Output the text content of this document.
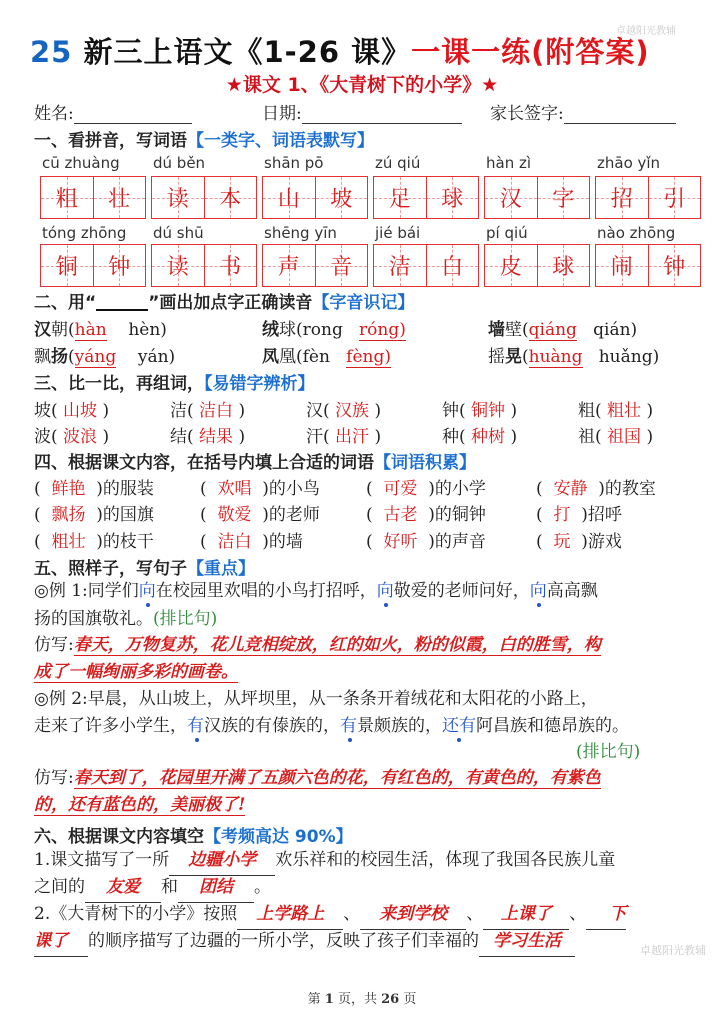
25 新三上语文《1-26 课》一课一练(附答案)
卓越阳光教辅
★课文 1、《大青树下的小学》★
姓名:	日期:	家长签字:
一、看拼音，写词语【一类字、词语表默写】
cū zhuàng
粗 壮
dú běn
读 本
shān pō
山 坡
zú qiú
足 球
hàn zì
汉 字
zhāo yǐn
招 引
tóng zhōng
铜 钟
dú shū
读 书
shēng yīn
声 音
jié bái
洁 白
pí qiú
皮 球
nào zhōng
闹 钟
二、用“	”画出加点字正确读音【字音识记】
汉朝(hàn hèn)	绒球(rong róng)	墙壁(qiáng qián)
飘扬(yáng yán)	凤凰(fèn fèng)	摇晃(huàng huǎng)
三、比一比，再组词，【易错字辨析】
坡( 山坡 )	洁( 洁白 )	汉( 汉族 )	钟( 铜钟 )	粗( 粗壮 )
波( 波浪 )	结( 结果 )	汗( 出汗 )	种( 种树 )	祖( 祖国 )
四、根据课文内容，在括号内填上合适的词语【词语积累】
(  鲜艳 )的服装	(  欢唱 )的小鸟	(  可爱 )的小学	(  安静 )的教室
(  飘扬 )的国旗	(  敬爱 )的老师	(  古老 )的铜钟	(  打 )招呼
(  粗壮 )的枝干	(  洁白 )的墙	(  好听 )的声音	(  玩 )游戏
五、照样子，写句子【重点】
◎例 1:同学们向在校园里欢唱的小鸟打招呼，向敬爱的老师问好，向高高飘
扬的国旗敬礼。(排比句)
仿写:春天，万物复苏，花儿竞相绽放，红的如火，粉的似霞，白的胜雪，构
成了一幅绚丽多彩的画卷。
◎例 2:早晨，从山坡上，从坪坝里，从一条条开着绒花和太阳花的小路上，
走来了许多小学生，有汉族的有傣族的，有景颇族的，还有阿昌族和德昂族的。
(排比句)
仿写:春天到了，花园里开满了五颜六色的花，有红色的，有黄色的，有紫色
的，还有蓝色的，美丽极了!
六、根据课文内容填空【考频高达 90%】
1.课文描写了一所 边疆小学 欢乐祥和的校园生活，体现了我国各民族儿童
之间的 友爱 和 团结 。
2.《大青树下的小学》按照 上学路上 、 来到学校 、 上课了 、 下
课了 的顺序描写了边疆的一所小学，反映了孩子们幸福的 学习生活	卓越阳光教辅
第 1 页，共 26 页
